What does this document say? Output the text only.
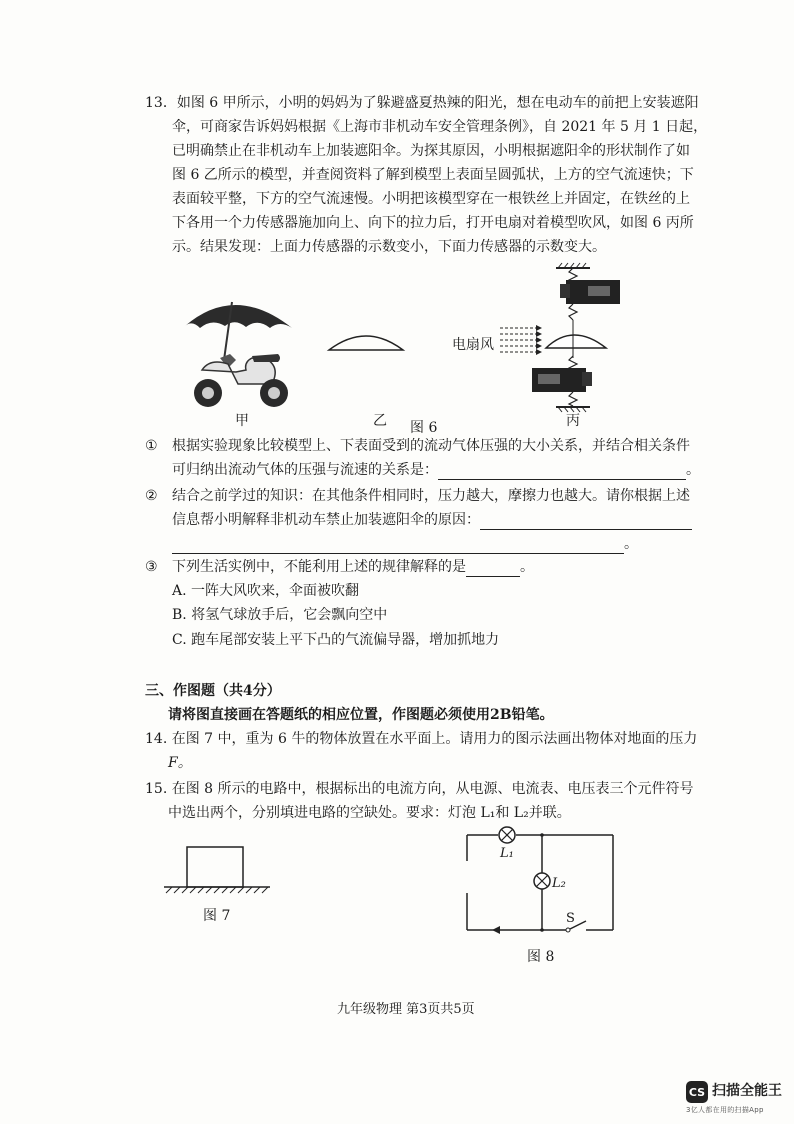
13．如图 6 甲所示，小明的妈妈为了躲避盛夏热辣的阳光，想在电动车的前把上安装遮阳
伞，可商家告诉妈妈根据《上海市非机动车安全管理条例》，自 2021 年 5 月 1 日起，
已明确禁止在非机动车上加装遮阳伞。为探其原因，小明根据遮阳伞的形状制作了如
图 6 乙所示的模型，并查阅资料了解到模型上表面呈圆弧状，上方的空气流速快；下
表面较平整，下方的空气流速慢。小明把该模型穿在一根铁丝上并固定，在铁丝的上
下各用一个力传感器施加向上、向下的拉力后，打开电扇对着模型吹风，如图 6 丙所
示。结果发现：上面力传感器的示数变小，下面力传感器的示数变大。
甲	乙 图 6
电扇风
丙
① 根据实验现象比较模型上、下表面受到的流动气体压强的大小关系，并结合相关条件
可归纳出流动气体的压强与流速的关系是：	。
② 结合之前学过的知识：在其他条件相同时，压力越大，摩擦力也越大。请你根据上述
信息帮小明解释非机动车禁止加装遮阳伞的原因：
。
③ 下列生活实例中，不能利用上述的规律解释的是	。
A. 一阵大风吹来，伞面被吹翻
B. 将氢气球放手后，它会飘向空中
C. 跑车尾部安装上平下凸的气流偏导器，增加抓地力
三、作图题（共4分）
请将图直接画在答题纸的相应位置，作图题必须使用2B铅笔。
14. 在图 7 中，重为 6 牛的物体放置在水平面上。请用力的图示法画出物体对地面的压力
F。
15. 在图 8 所示的电路中，根据标出的电流方向，从电源、电流表、电压表三个元件符号
中选出两个，分别填进电路的空缺处。要求：灯泡 L₁和 L₂并联。
图 7
L₁
L₂
S
图 8
九年级物理 第3页共5页
CS 扫描全能王
3亿人都在用的扫描App
